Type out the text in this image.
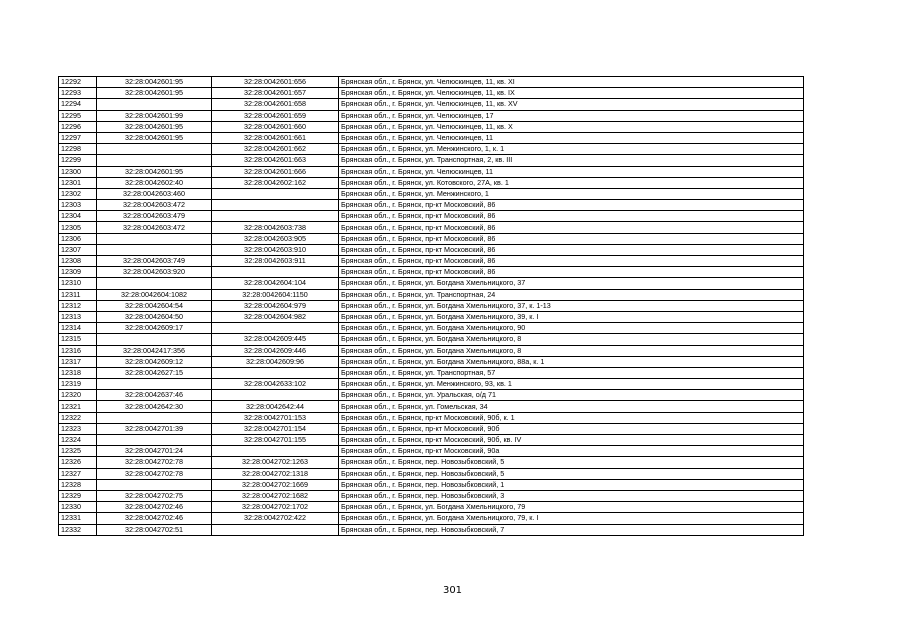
12292	32:28:0042601:95	32:28:0042601:656	Брянская обл., г. Брянск, ул. Челюскинцев, 11, кв. XI
12293	32:28:0042601:95	32:28:0042601:657	Брянская обл., г. Брянск, ул. Челюскинцев, 11, кв. IX
12294		32:28:0042601:658	Брянская обл., г. Брянск, ул. Челюскинцев, 11, кв. XV
12295	32:28:0042601:99	32:28:0042601:659	Брянская обл., г. Брянск, ул. Челюскинцев, 17
12296	32:28:0042601:95	32:28:0042601:660	Брянская обл., г. Брянск, ул. Челюскинцев, 11, кв. X
12297	32:28:0042601:95	32:28:0042601:661	Брянская обл., г. Брянск, ул. Челюскинцев, 11
12298		32:28:0042601:662	Брянская обл., г. Брянск, ул. Менжинского, 1, к. 1
12299		32:28:0042601:663	Брянская обл., г. Брянск, ул. Транспортная, 2, кв. III
12300	32:28:0042601:95	32:28:0042601:666	Брянская обл., г. Брянск, ул. Челюскинцев, 11
12301	32:28:0042602:40	32:28:0042602:162	Брянская обл., г. Брянск, ул. Котовского, 27А, кв. 1
12302	32:28:0042603:460		Брянская обл., г. Брянск, ул. Менжинского, 1
12303	32:28:0042603:472		Брянская обл., г. Брянск, пр-кт Московский, 86
12304	32:28:0042603:479		Брянская обл., г. Брянск, пр-кт Московский, 86
12305	32:28:0042603:472	32:28:0042603:738	Брянская обл., г. Брянск, пр-кт Московский, 86
12306		32:28:0042603:905	Брянская обл., г. Брянск, пр-кт Московский, 86
12307		32:28:0042603:910	Брянская обл., г. Брянск, пр-кт Московский, 86
12308	32:28:0042603:749	32:28:0042603:911	Брянская обл., г. Брянск, пр-кт Московский, 86
12309	32:28:0042603:920		Брянская обл., г. Брянск, пр-кт Московский, 86
12310		32:28:0042604:104	Брянская обл., г. Брянск, ул. Богдана Хмельницкого, 37
12311	32:28:0042604:1082	32:28:0042604:1150	Брянская обл., г. Брянск, ул. Транспортная, 24
12312	32:28:0042604:54	32:28:0042604:979	Брянская обл., г. Брянск, ул. Богдана Хмельницкого, 37, к. 1-13
12313	32:28:0042604:50	32:28:0042604:982	Брянская обл., г. Брянск, ул. Богдана Хмельницкого, 39, к. I
12314	32:28:0042609:17		Брянская обл., г. Брянск, ул. Богдана Хмельницкого, 90
12315		32:28:0042609:445	Брянская обл., г. Брянск, ул. Богдана Хмельницкого, 8
12316	32:28:0042417:356	32:28:0042609:446	Брянская обл., г. Брянск, ул. Богдана Хмельницкого, 8
12317	32:28:0042609:12	32:28:0042609:96	Брянская обл., г. Брянск, ул. Богдана Хмельницкого, 88а, к. 1
12318	32:28:0042627:15		Брянская обл., г. Брянск, ул. Транспортная, 57
12319		32:28:0042633:102	Брянская обл., г. Брянск, ул. Менжинского, 93, кв. 1
12320	32:28:0042637:46		Брянская обл., г. Брянск, ул. Уральская, о/д 71
12321	32:28:0042642:30	32:28:0042642:44	Брянская обл., г. Брянск, ул. Гомельская, 34
12322		32:28:0042701:153	Брянская обл., г. Брянск, пр-кт Московский, 90б, к. 1
12323	32:28:0042701:39	32:28:0042701:154	Брянская обл., г. Брянск, пр-кт Московский, 90б
12324		32:28:0042701:155	Брянская обл., г. Брянск, пр-кт Московский, 90б, кв. IV
12325	32:28:0042701:24		Брянская обл., г. Брянск, пр-кт Московский, 90а
12326	32:28:0042702:78	32:28:0042702:1263	Брянская обл., г. Брянск, пер. Новозыбковский, 5
12327	32:28:0042702:78	32:28:0042702:1318	Брянская обл., г. Брянск, пер. Новозыбковский, 5
12328		32:28:0042702:1669	Брянская обл., г. Брянск, пер. Новозыбковский, 1
12329	32:28:0042702:75	32:28:0042702:1682	Брянская обл., г. Брянск, пер. Новозыбковский, 3
12330	32:28:0042702:46	32:28:0042702:1702	Брянская обл., г. Брянск, ул. Богдана Хмельницкого, 79
12331	32:28:0042702:46	32:28:0042702:422	Брянская обл., г. Брянск, ул. Богдана Хмельницкого, 79, к. I
12332	32:28:0042702:51		Брянская обл., г. Брянск, пер. Новозыбковский, 7
301
